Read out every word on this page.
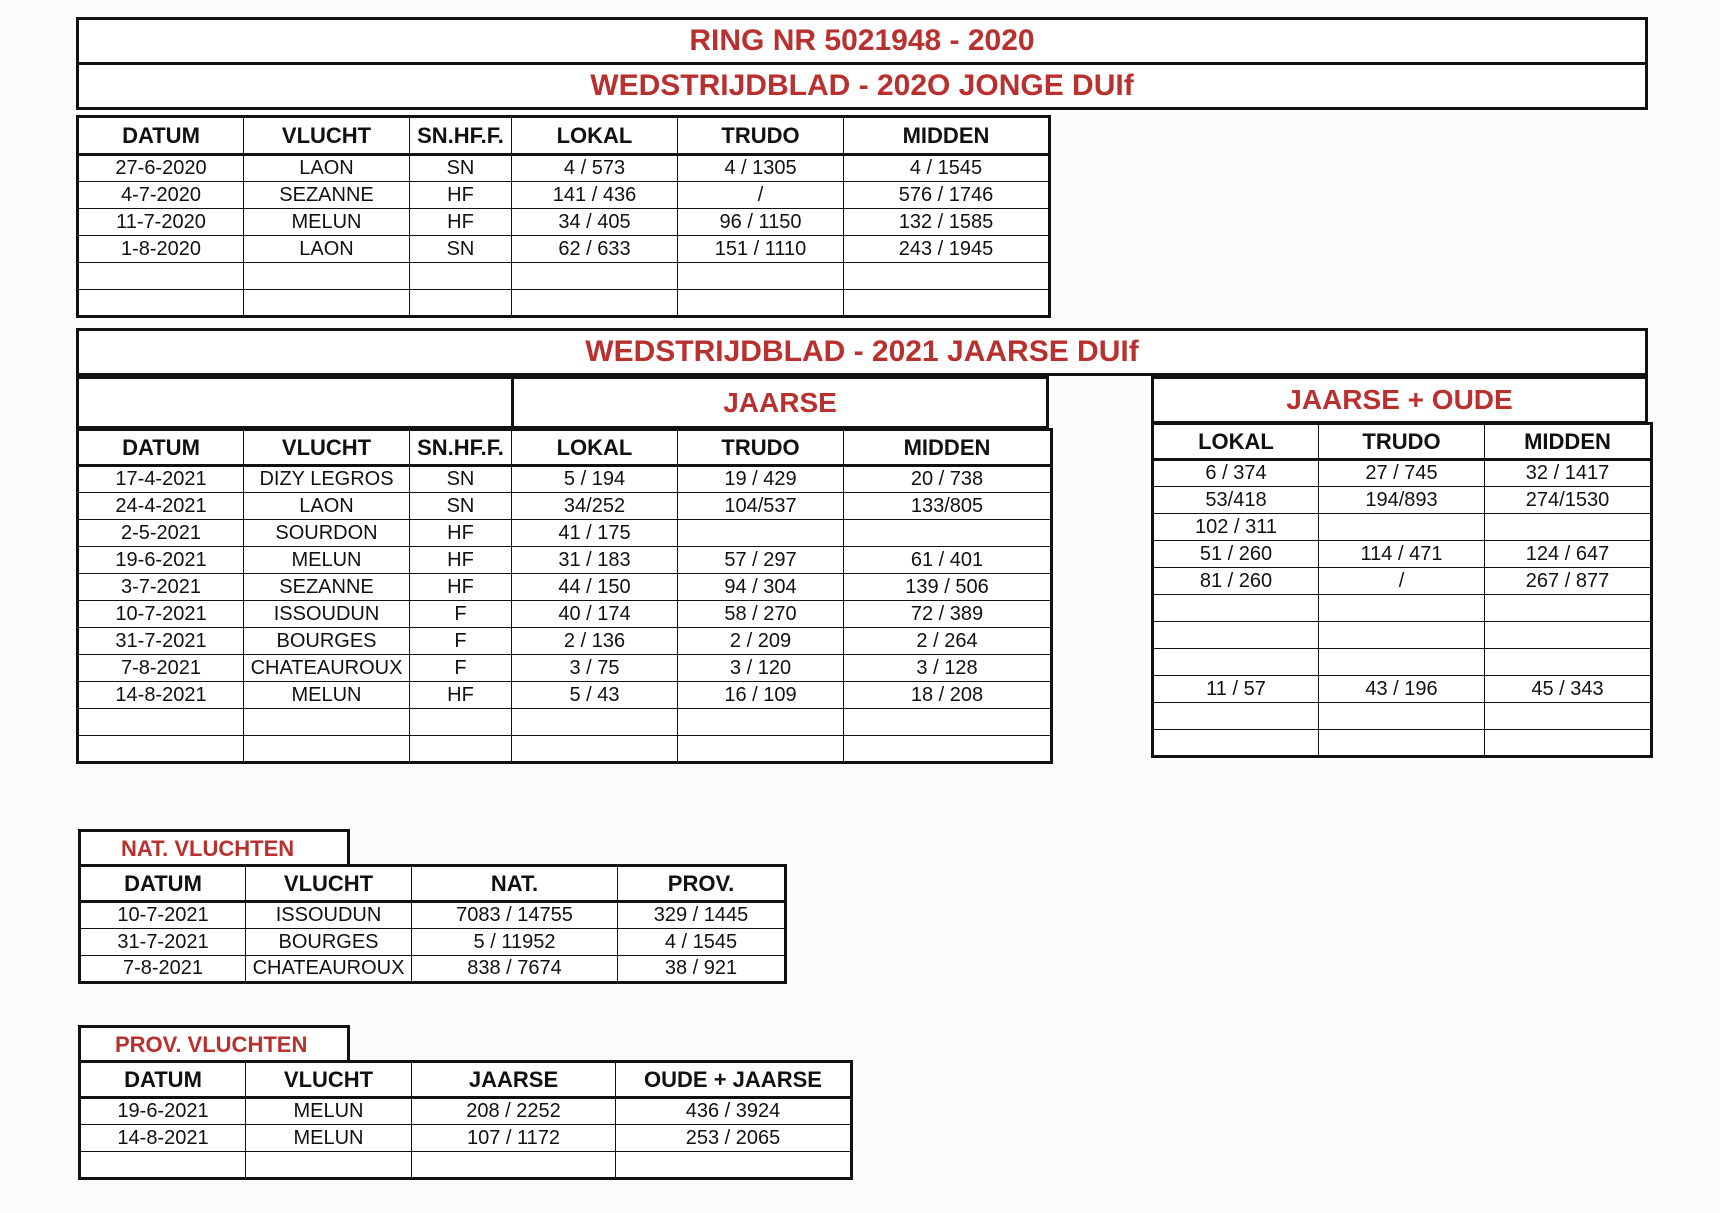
RING NR 5021948 - 2020
WEDSTRIJDBLAD - 202O JONGE DUIf
DATUM	VLUCHT	SN.HF.F.	LOKAL	TRUDO	MIDDEN
27-6-2020	LAON	SN	4 / 573	4 / 1305	4 / 1545
4-7-2020	SEZANNE	HF	141 / 436	/	576 / 1746
11-7-2020	MELUN	HF	34 / 405	96 / 1150	132 / 1585
1-8-2020	LAON	SN	62 / 633	151 / 1110	243 / 1945

WEDSTRIJDBLAD - 2021 JAARSE DUIf
JAARSE	JAARSE + OUDE
DATUM	VLUCHT	SN.HF.F.	LOKAL	TRUDO	MIDDEN
17-4-2021	DIZY LEGROS	SN	5 / 194	19 / 429	20 / 738
24-4-2021	LAON	SN	34/252	104/537	133/805
2-5-2021	SOURDON	HF	41 / 175		
19-6-2021	MELUN	HF	31 / 183	57 / 297	61 / 401
3-7-2021	SEZANNE	HF	44 / 150	94 / 304	139 / 506
10-7-2021	ISSOUDUN	F	40 / 174	58 / 270	72 / 389
31-7-2021	BOURGES	F	2 / 136	2 / 209	2 / 264
7-8-2021	CHATEAUROUX	F	3 / 75	3 / 120	3 / 128
14-8-2021	MELUN	HF	5 / 43	16 / 109	18 / 208

LOKAL	TRUDO	MIDDEN
6 / 374	27 / 745	32 / 1417
53/418	194/893	274/1530
102 / 311		
51 / 260	114 / 471	124 / 647
81 / 260	/	267 / 877

11 / 57	43 / 196	45 / 343

NAT. VLUCHTEN
DATUM	VLUCHT	NAT.	PROV.
10-7-2021	ISSOUDUN	7083 / 14755	329 / 1445
31-7-2021	BOURGES	5 / 11952	4 / 1545
7-8-2021	CHATEAUROUX	838 / 7674	38 / 921
PROV. VLUCHTEN
DATUM	VLUCHT	JAARSE	OUDE + JAARSE
19-6-2021	MELUN	208 / 2252	436 / 3924
14-8-2021	MELUN	107 / 1172	253 / 2065
